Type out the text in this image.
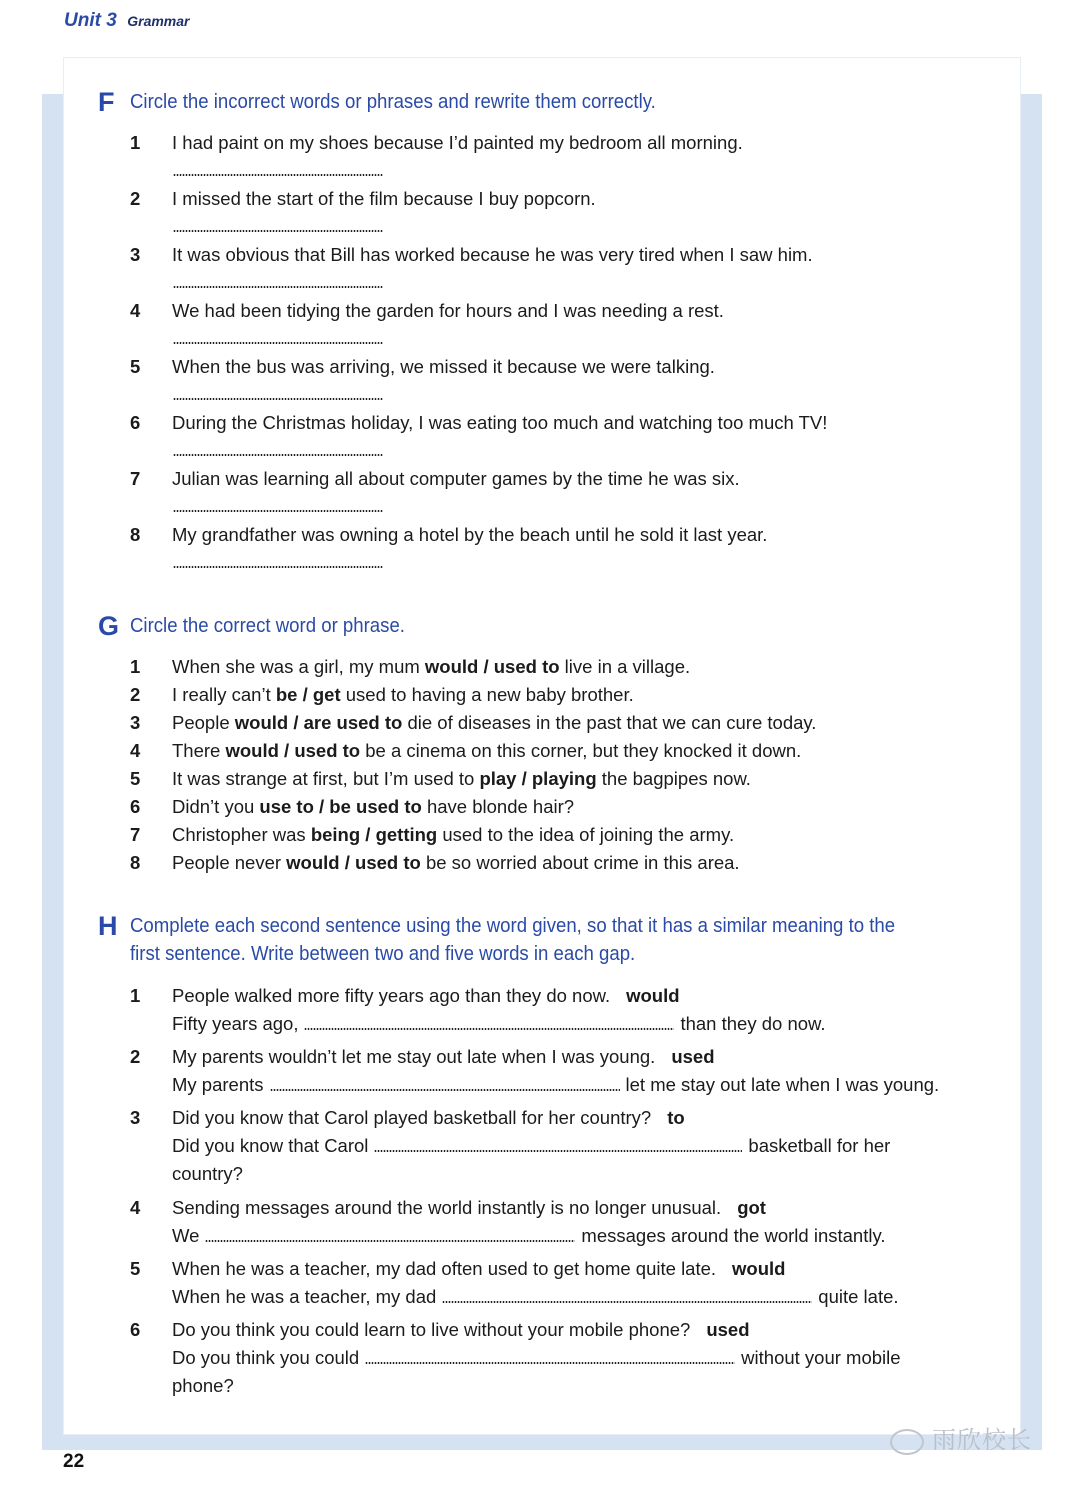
Unit 3 Grammar
F Circle the incorrect words or phrases and rewrite them correctly.
1	I had paint on my shoes because I’d painted my bedroom all morning.
2	I missed the start of the film because I buy popcorn.
3	It was obvious that Bill has worked because he was very tired when I saw him.
4	We had been tidying the garden for hours and I was needing a rest.
5	When the bus was arriving, we missed it because we were talking.
6	During the Christmas holiday, I was eating too much and watching too much TV!
7	Julian was learning all about computer games by the time he was six.
8	My grandfather was owning a hotel by the beach until he sold it last year.
G Circle the correct word or phrase.
1	When she was a girl, my mum would / used to live in a village.
2	I really can’t be / get used to having a new baby brother.
3	People would / are used to die of diseases in the past that we can cure today.
4	There would / used to be a cinema on this corner, but they knocked it down.
5	It was strange at first, but I’m used to play / playing the bagpipes now.
6	Didn’t you use to / be used to have blonde hair?
7	Christopher was being / getting used to the idea of joining the army.
8	People never would / used to be so worried about crime in this area.
H Complete each second sentence using the word given, so that it has a similar meaning to the
first sentence. Write between two and five words in each gap.
1	People walked more fifty years ago than they do now. would
Fifty years ago,	than they do now.
2	My parents wouldn’t let me stay out late when I was young. used
My parents	let me stay out late when I was young.
3	Did you know that Carol played basketball for her country? to
Did you know that Carol	basketball for her
country?
4	Sending messages around the world instantly is no longer unusual. got
We	messages around the world instantly.
5	When he was a teacher, my dad often used to get home quite late. would
When he was a teacher, my dad	quite late.
6	Do you think you could learn to live without your mobile phone? used
Do you think you could	without your mobile
phone?
22
雨欣校长
